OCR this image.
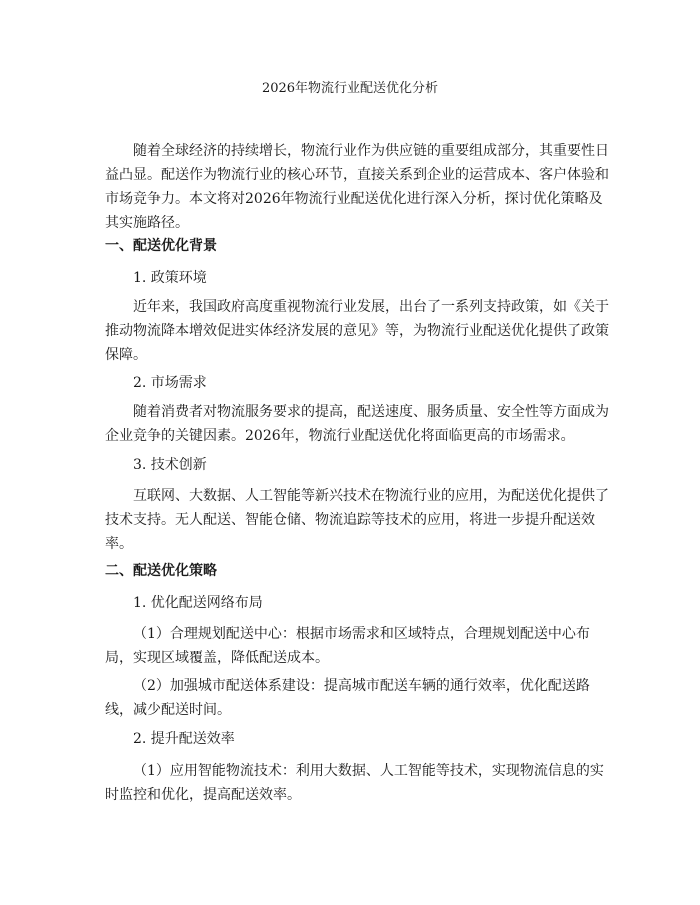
2026年物流行业配送优化分析

随着全球经济的持续增长，物流行业作为供应链的重要组成部分，其重要性日益凸显。配送作为物流行业的核心环节，直接关系到企业的运营成本、客户体验和市场竞争力。本文将对2026年物流行业配送优化进行深入分析，探讨优化策略及其实施路径。

一、配送优化背景
1. 政策环境

近年来，我国政府高度重视物流行业发展，出台了一系列支持政策，如《关于推动物流降本增效促进实体经济发展的意见》等，为物流行业配送优化提供了政策保障。

2. 市场需求

随着消费者对物流服务要求的提高，配送速度、服务质量、安全性等方面成为企业竞争的关键因素。2026年，物流行业配送优化将面临更高的市场需求。

3. 技术创新

互联网、大数据、人工智能等新兴技术在物流行业的应用，为配送优化提供了技术支持。无人配送、智能仓储、物流追踪等技术的应用，将进一步提升配送效率。

二、配送优化策略
1. 优化配送网络布局

（1）合理规划配送中心：根据市场需求和区域特点，合理规划配送中心布局，实现区域覆盖，降低配送成本。

（2）加强城市配送体系建设：提高城市配送车辆的通行效率，优化配送路线，减少配送时间。

2. 提升配送效率

（1）应用智能物流技术：利用大数据、人工智能等技术，实现物流信息的实时监控和优化，提高配送效率。
